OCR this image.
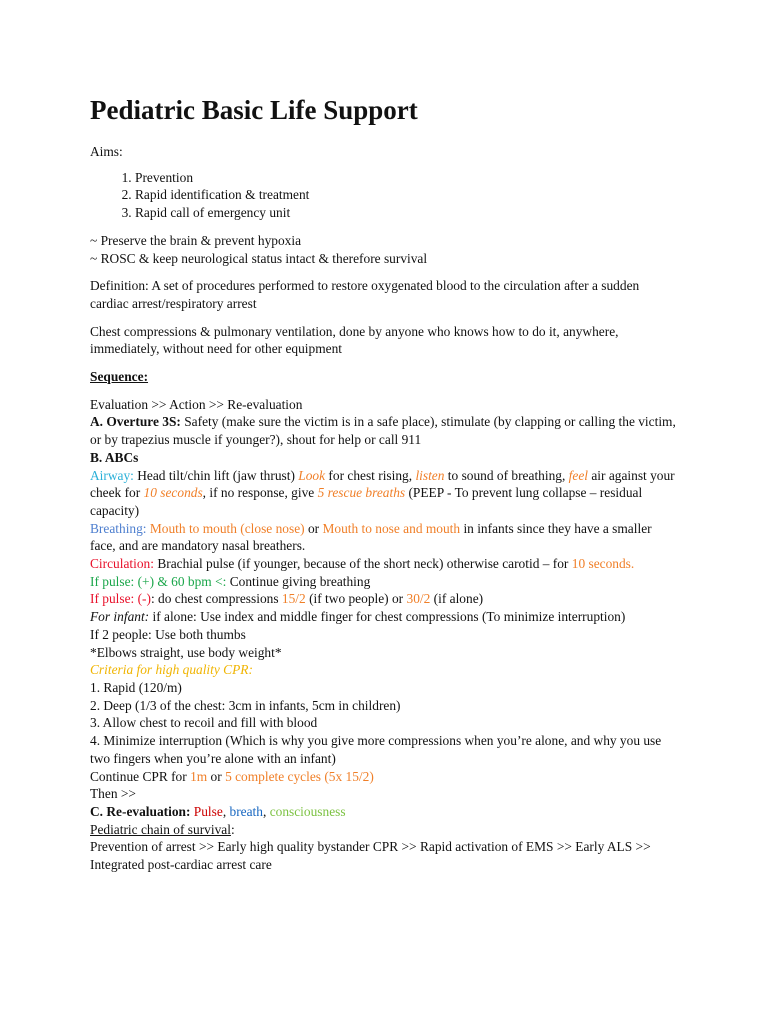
Pediatric Basic Life Support

Aims:

1. Prevention
2. Rapid identification & treatment
3. Rapid call of emergency unit

~ Preserve the brain & prevent hypoxia

~ ROSC & keep neurological status intact & therefore survival

Definition: A set of procedures performed to restore oxygenated blood to the circulation after a sudden cardiac arrest/respiratory arrest

Chest compressions & pulmonary ventilation, done by anyone who knows how to do it, anywhere, immediately, without need for other equipment

Sequence:

Evaluation >> Action >> Re-evaluation

A. Overture 3S: Safety (make sure the victim is in a safe place), stimulate (by clapping or calling the victim, or by trapezius muscle if younger?), shout for help or call 911

B. ABCs

Airway: Head tilt/chin lift (jaw thrust) Look for chest rising, listen to sound of breathing, feel air against your cheek for 10 seconds, if no response, give 5 rescue breaths (PEEP - To prevent lung collapse – residual capacity)

Breathing: Mouth to mouth (close nose) or Mouth to nose and mouth in infants since they have a smaller face, and are mandatory nasal breathers.

Circulation: Brachial pulse (if younger, because of the short neck) otherwise carotid – for 10 seconds.

If pulse: (+) & 60 bpm <: Continue giving breathing

If pulse: (-): do chest compressions 15/2 (if two people) or 30/2 (if alone)

For infant: if alone: Use index and middle finger for chest compressions (To minimize interruption)

If 2 people: Use both thumbs

*Elbows straight, use body weight*

Criteria for high quality CPR:

1. Rapid (120/m)

2. Deep (1/3 of the chest: 3cm in infants, 5cm in children)

3. Allow chest to recoil and fill with blood

4. Minimize interruption (Which is why you give more compressions when you’re alone, and why you use two fingers when you’re alone with an infant)

Continue CPR for 1m or 5 complete cycles (5x 15/2)

Then >>

C. Re-evaluation: Pulse, breath, consciousness

Pediatric chain of survival:

Prevention of arrest >> Early high quality bystander CPR >> Rapid activation of EMS >> Early ALS >> Integrated post-cardiac arrest care
